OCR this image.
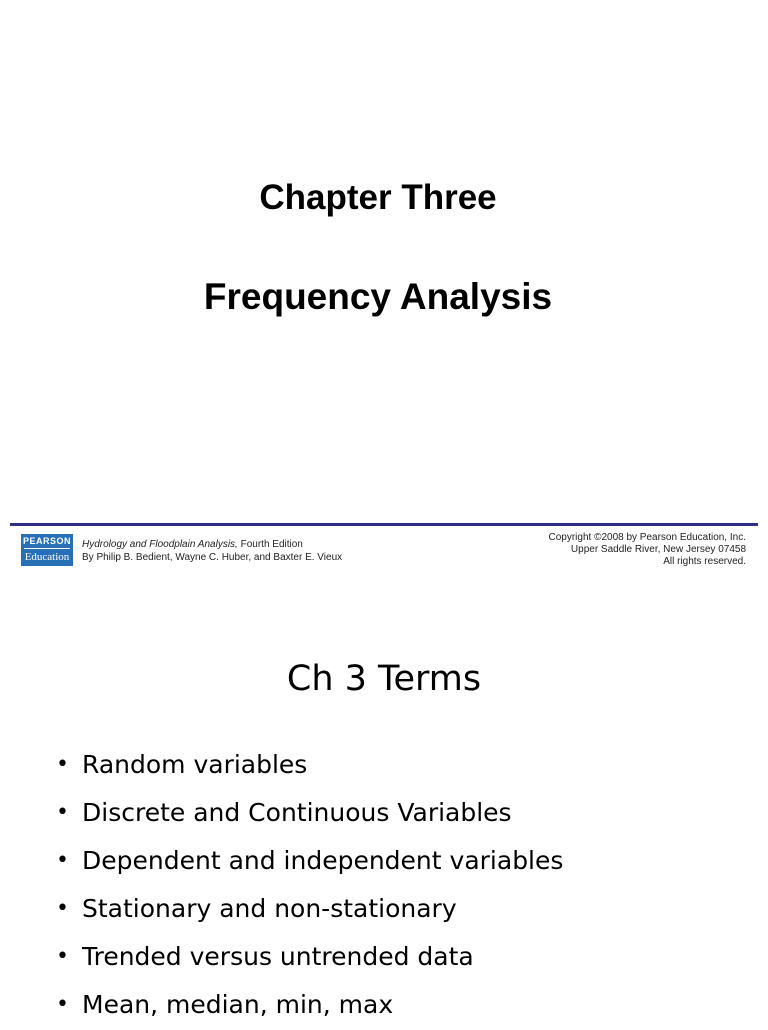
Chapter Three
Frequency Analysis
PEARSON
Education
Hydrology and Floodplain Analysis, Fourth Edition
By Philip B. Bedient, Wayne C. Huber, and Baxter E. Vieux
Copyright ©2008 by Pearson Education, Inc.
Upper Saddle River, New Jersey 07458
All rights reserved.
Ch 3 Terms
• Random variables
• Discrete and Continuous Variables
• Dependent and independent variables
• Stationary and non-stationary
• Trended versus untrended data
• Mean, median, min, max
